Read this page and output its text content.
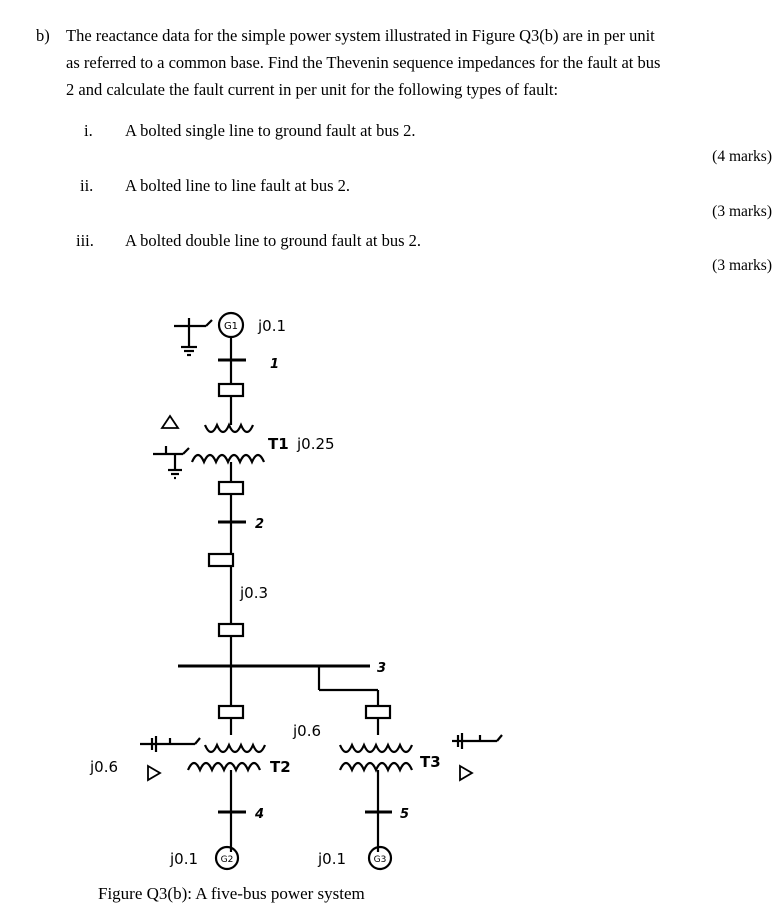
b) The reactance data for the simple power system illustrated in Figure Q3(b) are in per unit
as referred to a common base. Find the Thevenin sequence impedances for the fault at bus
2 and calculate the fault current in per unit for the following types of fault:
i. A bolted single line to ground fault at bus 2.
(4 marks)
ii. A bolted line to line fault at bus 2.
(3 marks)
iii. A bolted double line to ground fault at bus 2.
(3 marks)
G1 j0.1
1
T1 j0.25
2
j0.3
3
j0.6
j0.6	T2	T3
4	5
j0.1	G2	j0.1	G3
Figure Q3(b): A five-bus power system
